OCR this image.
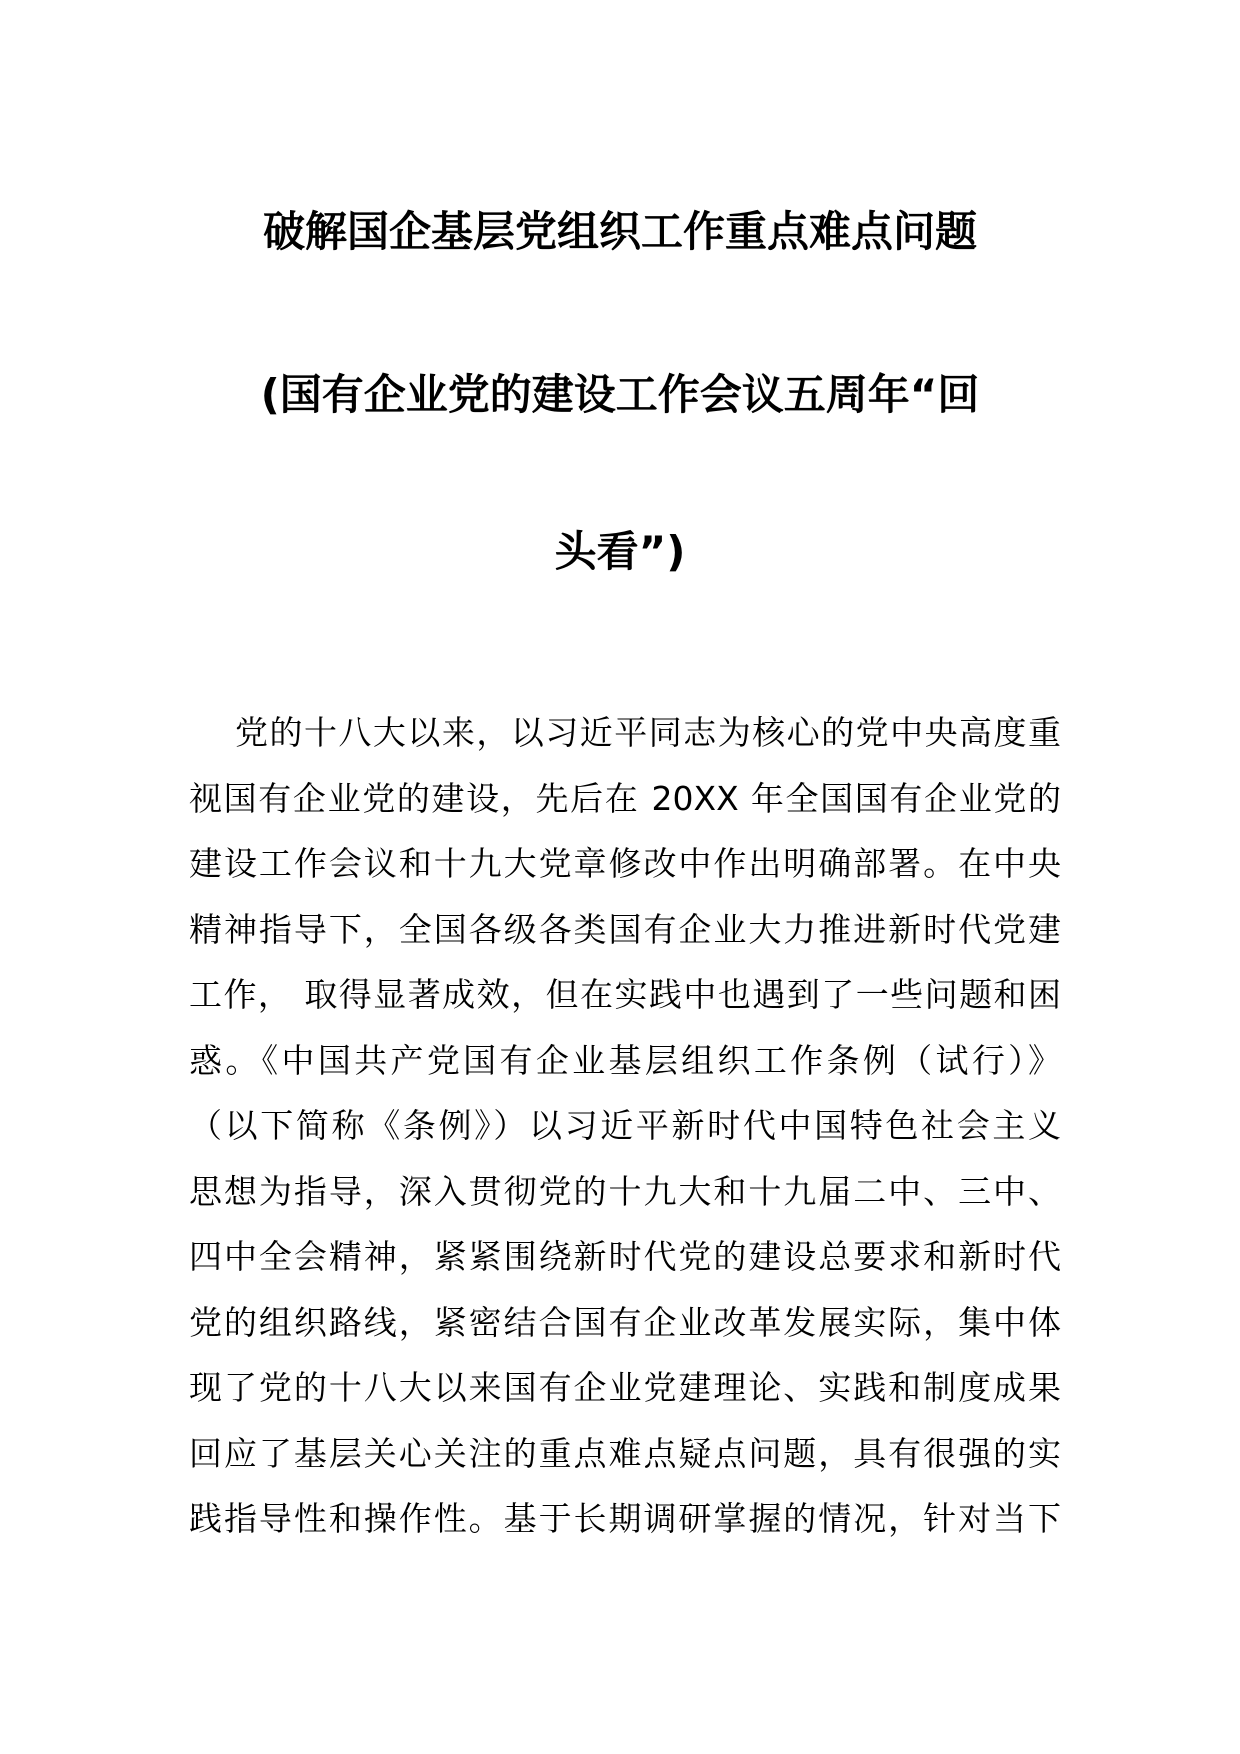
破解国企基层党组织工作重点难点问题
(国有企业党的建设工作会议五周年“回
头看”)
党的十八大以来，以习近平同志为核心的党中央高度重
视国有企业党的建设，先后在 20XX 年全国国有企业党的
建设工作会议和十九大党章修改中作出明确部署。在中央
精神指导下，全国各级各类国有企业大力推进新时代党建
工作， 取得显著成效，但在实践中也遇到了一些问题和困
惑。《中国共产党国有企业基层组织工作条例（试行）》
（以下简称《条例》）以习近平新时代中国特色社会主义
思想为指导，深入贯彻党的十九大和十九届二中、三中、
四中全会精神，紧紧围绕新时代党的建设总要求和新时代
党的组织路线，紧密结合国有企业改革发展实际，集中体
现了党的十八大以来国有企业党建理论、实践和制度成果
回应了基层关心关注的重点难点疑点问题，具有很强的实
践指导性和操作性。基于长期调研掌握的情况，针对当下
